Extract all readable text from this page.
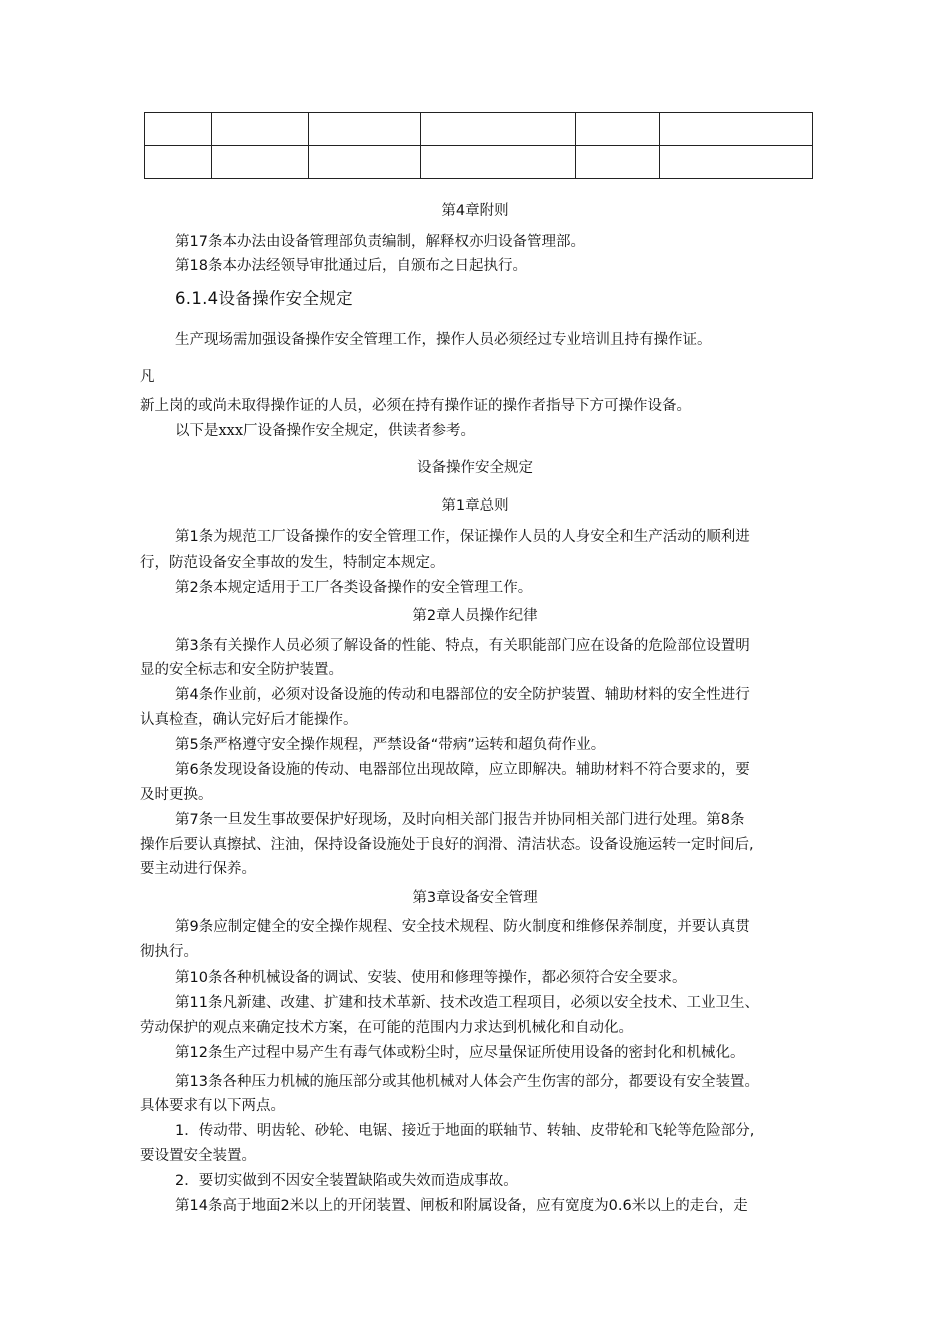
第4章附则
第17条本办法由设备管理部负责编制，解释权亦归设备管理部。
第18条本办法经领导审批通过后，自颁布之日起执行。
6.1.4设备操作安全规定
生产现场需加强设备操作安全管理工作，操作人员必须经过专业培训且持有操作证。
凡
新上岗的或尚未取得操作证的人员，必须在持有操作证的操作者指导下方可操作设备。
以下是xxx厂设备操作安全规定，供读者参考。
设备操作安全规定
第1章总则
第1条为规范工厂设备操作的安全管理工作，保证操作人员的人身安全和生产活动的顺利进
行，防范设备安全事故的发生，特制定本规定。
第2条本规定适用于工厂各类设备操作的安全管理工作。
第2章人员操作纪律
第3条有关操作人员必须了解设备的性能、特点，有关职能部门应在设备的危险部位设置明
显的安全标志和安全防护装置。
第4条作业前，必须对设备设施的传动和电器部位的安全防护装置、辅助材料的安全性进行
认真检查，确认完好后才能操作。
第5条严格遵守安全操作规程，严禁设备“带病”运转和超负荷作业。
第6条发现设备设施的传动、电器部位出现故障，应立即解决。辅助材料不符合要求的，要
及时更换。
第7条一旦发生事故要保护好现场，及时向相关部门报告并协同相关部门进行处理。第8条
操作后要认真擦拭、注油，保持设备设施处于良好的润滑、清洁状态。设备设施运转一定时间后,
要主动进行保养。
第3章设备安全管理
第9条应制定健全的安全操作规程、安全技术规程、防火制度和维修保养制度，并要认真贯
彻执行。
第10条各种机械设备的调试、安装、使用和修理等操作，都必须符合安全要求。
第11条凡新建、改建、扩建和技术革新、技术改造工程项目，必须以安全技术、工业卫生、
劳动保护的观点来确定技术方案，在可能的范围内力求达到机械化和自动化。
第12条生产过程中易产生有毒气体或粉尘时，应尽量保证所使用设备的密封化和机械化。
第13条各种压力机械的施压部分或其他机械对人体会产生伤害的部分，都要设有安全装置。
具体要求有以下两点。
1．传动带、明齿轮、砂轮、电锯、接近于地面的联轴节、转轴、皮带轮和飞轮等危险部分,
要设置安全装置。
2．要切实做到不因安全装置缺陷或失效而造成事故。
第14条高于地面2米以上的开闭装置、闸板和附属设备，应有宽度为0.6米以上的走台，走
